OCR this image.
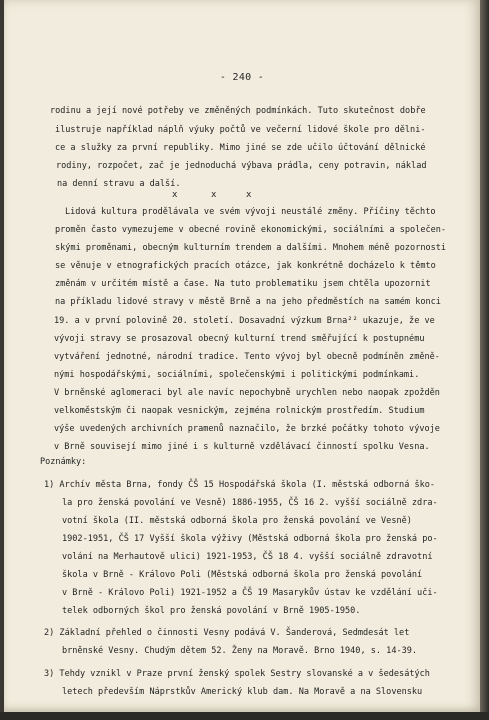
- 240 -
rodinu a její nové potřeby ve změněných podmínkách. Tuto skutečnost dobře
ilustruje například náplň výuky počtů ve večerní lidové škole pro dělni-
ce a služky za první republiky. Mimo jiné se zde učilo účtování dělnické
rodiny, rozpočet, zač je jednoduchá výbava prádla, ceny potravin, náklad
na denní stravu a další.
x	x	x
Lidová kultura prodělávala ve svém vývoji neustálé změny. Příčiny těchto
proměn často vymezujeme v obecné rovině ekonomickými, sociálními a společen-
skými proměnami, obecným kulturním trendem a dalšími. Mnohem méně pozornosti
se věnuje v etnografických pracích otázce, jak konkrétně docházelo k těmto
změnám v určitém místě a čase. Na tuto problematiku jsem chtěla upozornit
na příkladu lidové stravy v městě Brně a na jeho předměstích na samém konci
19. a v první polovině 20. století. Dosavadní výzkum Brna²² ukazuje, že ve
vývoji stravy se prosazoval obecný kulturní trend směřující k postupnému
vytváření jednotné, národní tradice. Tento vývoj byl obecně podmíněn změně-
nými hospodářskými, sociálními, společenskými i politickými podmínkami.
V brněnské aglomeraci byl ale navíc nepochybně urychlen nebo naopak zpožděn
velkoměstským či naopak vesnickým, zejména rolnickým prostředím. Studium
výše uvedených archivních pramenů naznačilo, že brzké počátky tohoto vývoje
v Brně souvisejí mimo jiné i s kulturně vzdělávací činností spolku Vesna.
Poznámky:
1) Archív města Brna, fondy ČŠ 15 Hospodářská škola (I. městská odborná ško-
la pro ženská povolání ve Vesně) 1886-1955, ČŠ 16 2. vyšší sociálně zdra-
votní škola (II. městská odborná škola pro ženská povolání ve Vesně)
1902-1951, ČŠ 17 Vyšší škola výživy (Městská odborná škola pro ženská po-
volání na Merhautově ulici) 1921-1953, ČŠ 18 4. vyšší sociálně zdravotní
škola v Brně - Královo Poli (Městská odborná škola pro ženská povolání
v Brně - Královo Poli) 1921-1952 a ČŠ 19 Masarykův ústav ke vzdělání uči-
telek odborných škol pro ženská povolání v Brně 1905-1950.
2) Základní přehled o činnosti Vesny podává V. Šanderová, Sedmdesát let
brněnské Vesny. Chudým dětem 52. Ženy na Moravě. Brno 1940, s. 14-39.
3) Tehdy vznikl v Praze první ženský spolek Sestry slovanské a v šedesátých
letech především Náprstkův Americký klub dam. Na Moravě a na Slovensku
